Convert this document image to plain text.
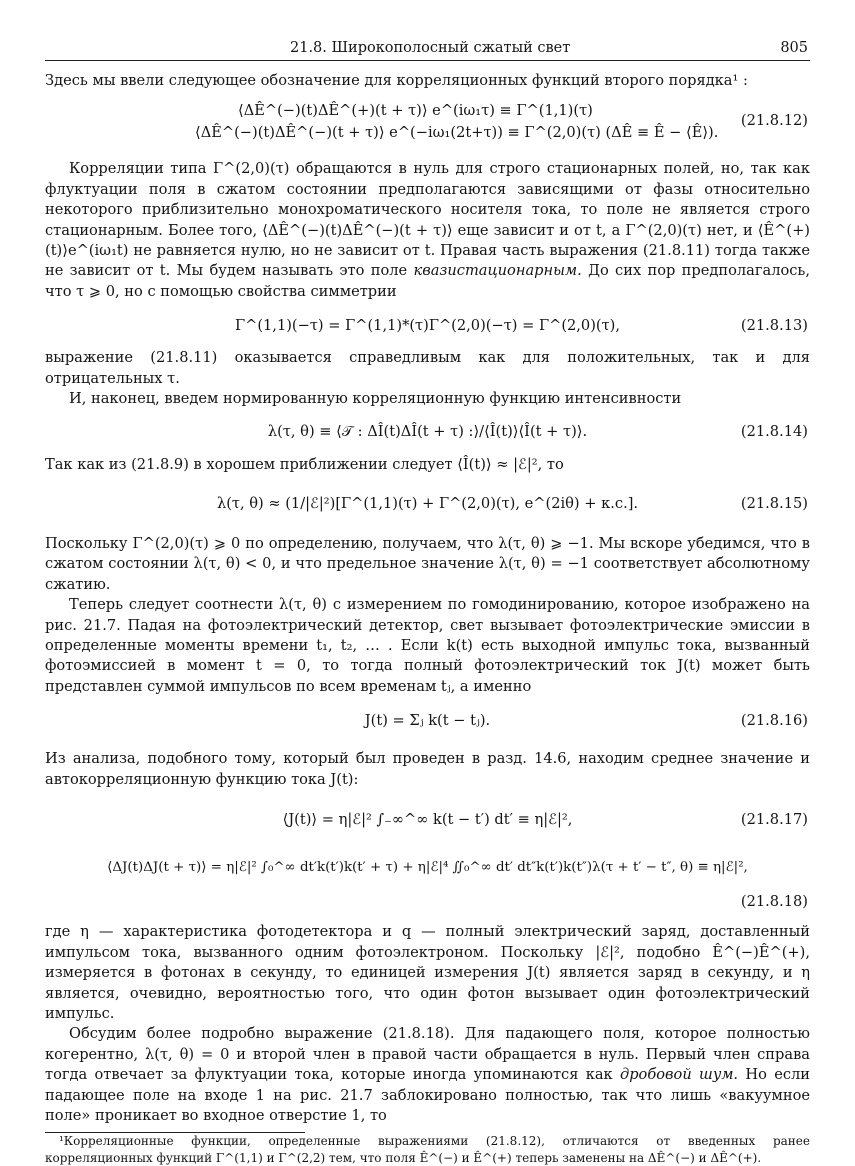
21.8. Широкополосный сжатый свет	805

Здесь мы ввели следующее обозначение для корреляционных функций второго порядка¹ :

⟨ΔÊ^(−)(t)ΔÊ^(+)(t + τ)⟩ e^(iω₁τ) ≡ Γ^(1,1)(τ)
⟨ΔÊ^(−)(t)ΔÊ^(−)(t + τ)⟩ e^(−iω₁(2t+τ)) ≡ Γ^(2,0)(τ) (ΔÊ ≡ Ê − ⟨Ê⟩).
(21.8.12)

Корреляции типа Γ^(2,0)(τ) обращаются в нуль для строго стационарных полей, но, так как флуктуации поля в сжатом состоянии предполагаются зависящими от фазы относительно некоторого приблизительно монохроматического носителя тока, то поле не является строго стационарным. Более того, ⟨ΔÊ^(−)(t)ΔÊ^(−)(t + τ)⟩ еще зависит и от t, а Γ^(2,0)(τ) нет, и ⟨Ê^(+)(t)⟩e^(iω₁t) не равняется нулю, но не зависит от t. Правая часть выражения (21.8.11) тогда также не зависит от t. Мы будем называть это поле квазистационарным. До сих пор предполагалось, что τ ⩾ 0, но с помощью свойства симметрии

Γ^(1,1)(−τ) = Γ^(1,1)*(τ)Γ^(2,0)(−τ) = Γ^(2,0)(τ),	(21.8.13)

выражение (21.8.11) оказывается справедливым как для положительных, так и для отрицательных τ.

И, наконец, введем нормированную корреляционную функцию интенсивности

λ(τ, θ) ≡ ⟨𝒯 : ΔÎ(t)ΔÎ(t + τ) :⟩/⟨Î(t)⟩⟨Î(t + τ)⟩.	(21.8.14)

Так как из (21.8.9) в хорошем приближении следует ⟨Î(t)⟩ ≈ |ℰ|², то

λ(τ, θ) ≈ (1/|ℰ|²)[Γ^(1,1)(τ) + Γ^(2,0)(τ), e^(2iθ) + к.с.].	(21.8.15)

Поскольку Γ^(2,0)(τ) ⩾ 0 по определению, получаем, что λ(τ, θ) ⩾ −1. Мы вскоре убедимся, что в сжатом состоянии λ(τ, θ) < 0, и что предельное значение λ(τ, θ) = −1 соответствует абсолютному сжатию.

Теперь следует соотнести λ(τ, θ) с измерением по гомодинированию, которое изображено на рис. 21.7. Падая на фотоэлектрический детектор, свет вызывает фотоэлектрические эмиссии в определенные моменты времени t₁, t₂, … . Если k(t) есть выходной импульс тока, вызванный фотоэмиссией в момент t = 0, то тогда полный фотоэлектрический ток J(t) может быть представлен суммой импульсов по всем временам tⱼ, а именно

J(t) = Σⱼ k(t − tⱼ).	(21.8.16)

Из анализа, подобного тому, который был проведен в разд. 14.6, находим среднее значение и автокорреляционную функцию тока J(t):

⟨J(t)⟩ = η|ℰ|² ∫₋∞^∞ k(t − t′) dt′ ≡ η|ℰ|²,	(21.8.17)
⟨ΔJ(t)ΔJ(t + τ)⟩ = η|ℰ|² ∫₀^∞ dt′k(t′)k(t′ + τ) + η|ℰ|⁴ ∬₀^∞ dt′ dt″k(t′)k(t″)λ(τ + t′ − t″, θ) ≡ η|ℰ|²,
(21.8.18)

где η — характеристика фотодетектора и q — полный электрический заряд, доставленный импульсом тока, вызванного одним фотоэлектроном. Поскольку |ℰ|², подобно Ê^(−)Ê^(+), измеряется в фотонах в секунду, то единицей измерения J(t) является заряд в секунду, и η является, очевидно, вероятностью того, что один фотон вызывает один фотоэлектрический импульс.

Обсудим более подробно выражение (21.8.18). Для падающего поля, которое полностью когерентно, λ(τ, θ) = 0 и второй член в правой части обращается в нуль. Первый член справа тогда отвечает за флуктуации тока, которые иногда упоминаются как дробовой шум. Но если падающее поле на входе 1 на рис. 21.7 заблокировано полностью, так что лишь «вакуумное поле» проникает во входное отверстие 1, то

¹Корреляционные функции, определенные выражениями (21.8.12), отличаются от введенных ранее корреляционных функций Γ^(1,1) и Γ^(2,2) тем, что поля Ê^(−) и Ê^(+) теперь заменены на ΔÊ^(−) и ΔÊ^(+).
